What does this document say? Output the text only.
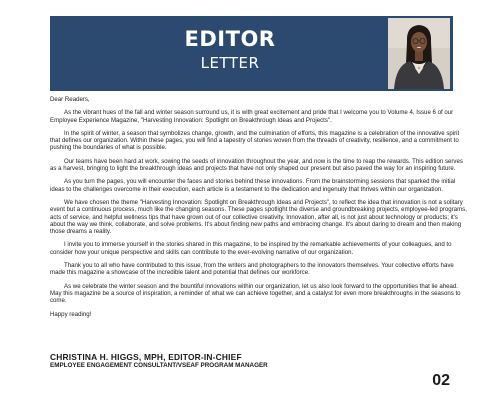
EDITOR
LETTER

Dear Readers,

As the vibrant hues of the fall and winter season surround us, it is with great excitement and pride that I welcome you to Volume 4, Issue 6 of our Employee Experience Magazine, "Harvesting Innovation: Spotlight on Breakthrough Ideas and Projects".

In the spirit of winter, a season that symbolizes change, growth, and the culmination of efforts, this magazine is a celebration of the innovative spirit that defines our organization. Within these pages, you will find a tapestry of stories woven from the threads of creativity, resilience, and a commitment to pushing the boundaries of what is possible.

Our teams have been hard at work, sowing the seeds of innovation throughout the year, and now is the time to reap the rewards. This edition serves as a harvest, bringing to light the breakthrough ideas and projects that have not only shaped our present but also paved the way for an inspiring future.

As you turn the pages, you will encounter the faces and stories behind these innovations. From the brainstorming sessions that sparked the initial ideas to the challenges overcome in their execution, each article is a testament to the dedication and ingenuity that thrives within our organization.

We have chosen the theme "Harvesting Innovation: Spotlight on Breakthrough Ideas and Projects", to reflect the idea that innovation is not a solitary event but a continuous process, much like the changing seasons. These pages spotlight the diverse and groundbreaking projects, employee-led programs, acts of service, and helpful wellness tips that have grown out of our collective creativity. Innovation, after all, is not just about technology or products; it's about the way we think, collaborate, and solve problems. It's about finding new paths and embracing change. It's about daring to dream and then making those dreams a reality.

I invite you to immerse yourself in the stories shared in this magazine, to be inspired by the remarkable achievements of your colleagues, and to consider how your unique perspective and skills can contribute to the ever-evolving narrative of our organization.

Thank you to all who have contributed to this issue, from the writers and photographers to the innovators themselves. Your collective efforts have made this magazine a showcase of the incredible talent and potential that defines our workforce.

As we celebrate the winter season and the bountiful innovations within our organization, let us also look forward to the opportunities that lie ahead. May this magazine be a source of inspiration, a reminder of what we can achieve together, and a catalyst for even more breakthroughs in the seasons to come.

Happy reading!

CHRISTINA H. HIGGS, MPH, EDITOR-IN-CHIEF
EMPLOYEE ENGAGEMENT CONSULTANT/VSEAF PROGRAM MANAGER
02
